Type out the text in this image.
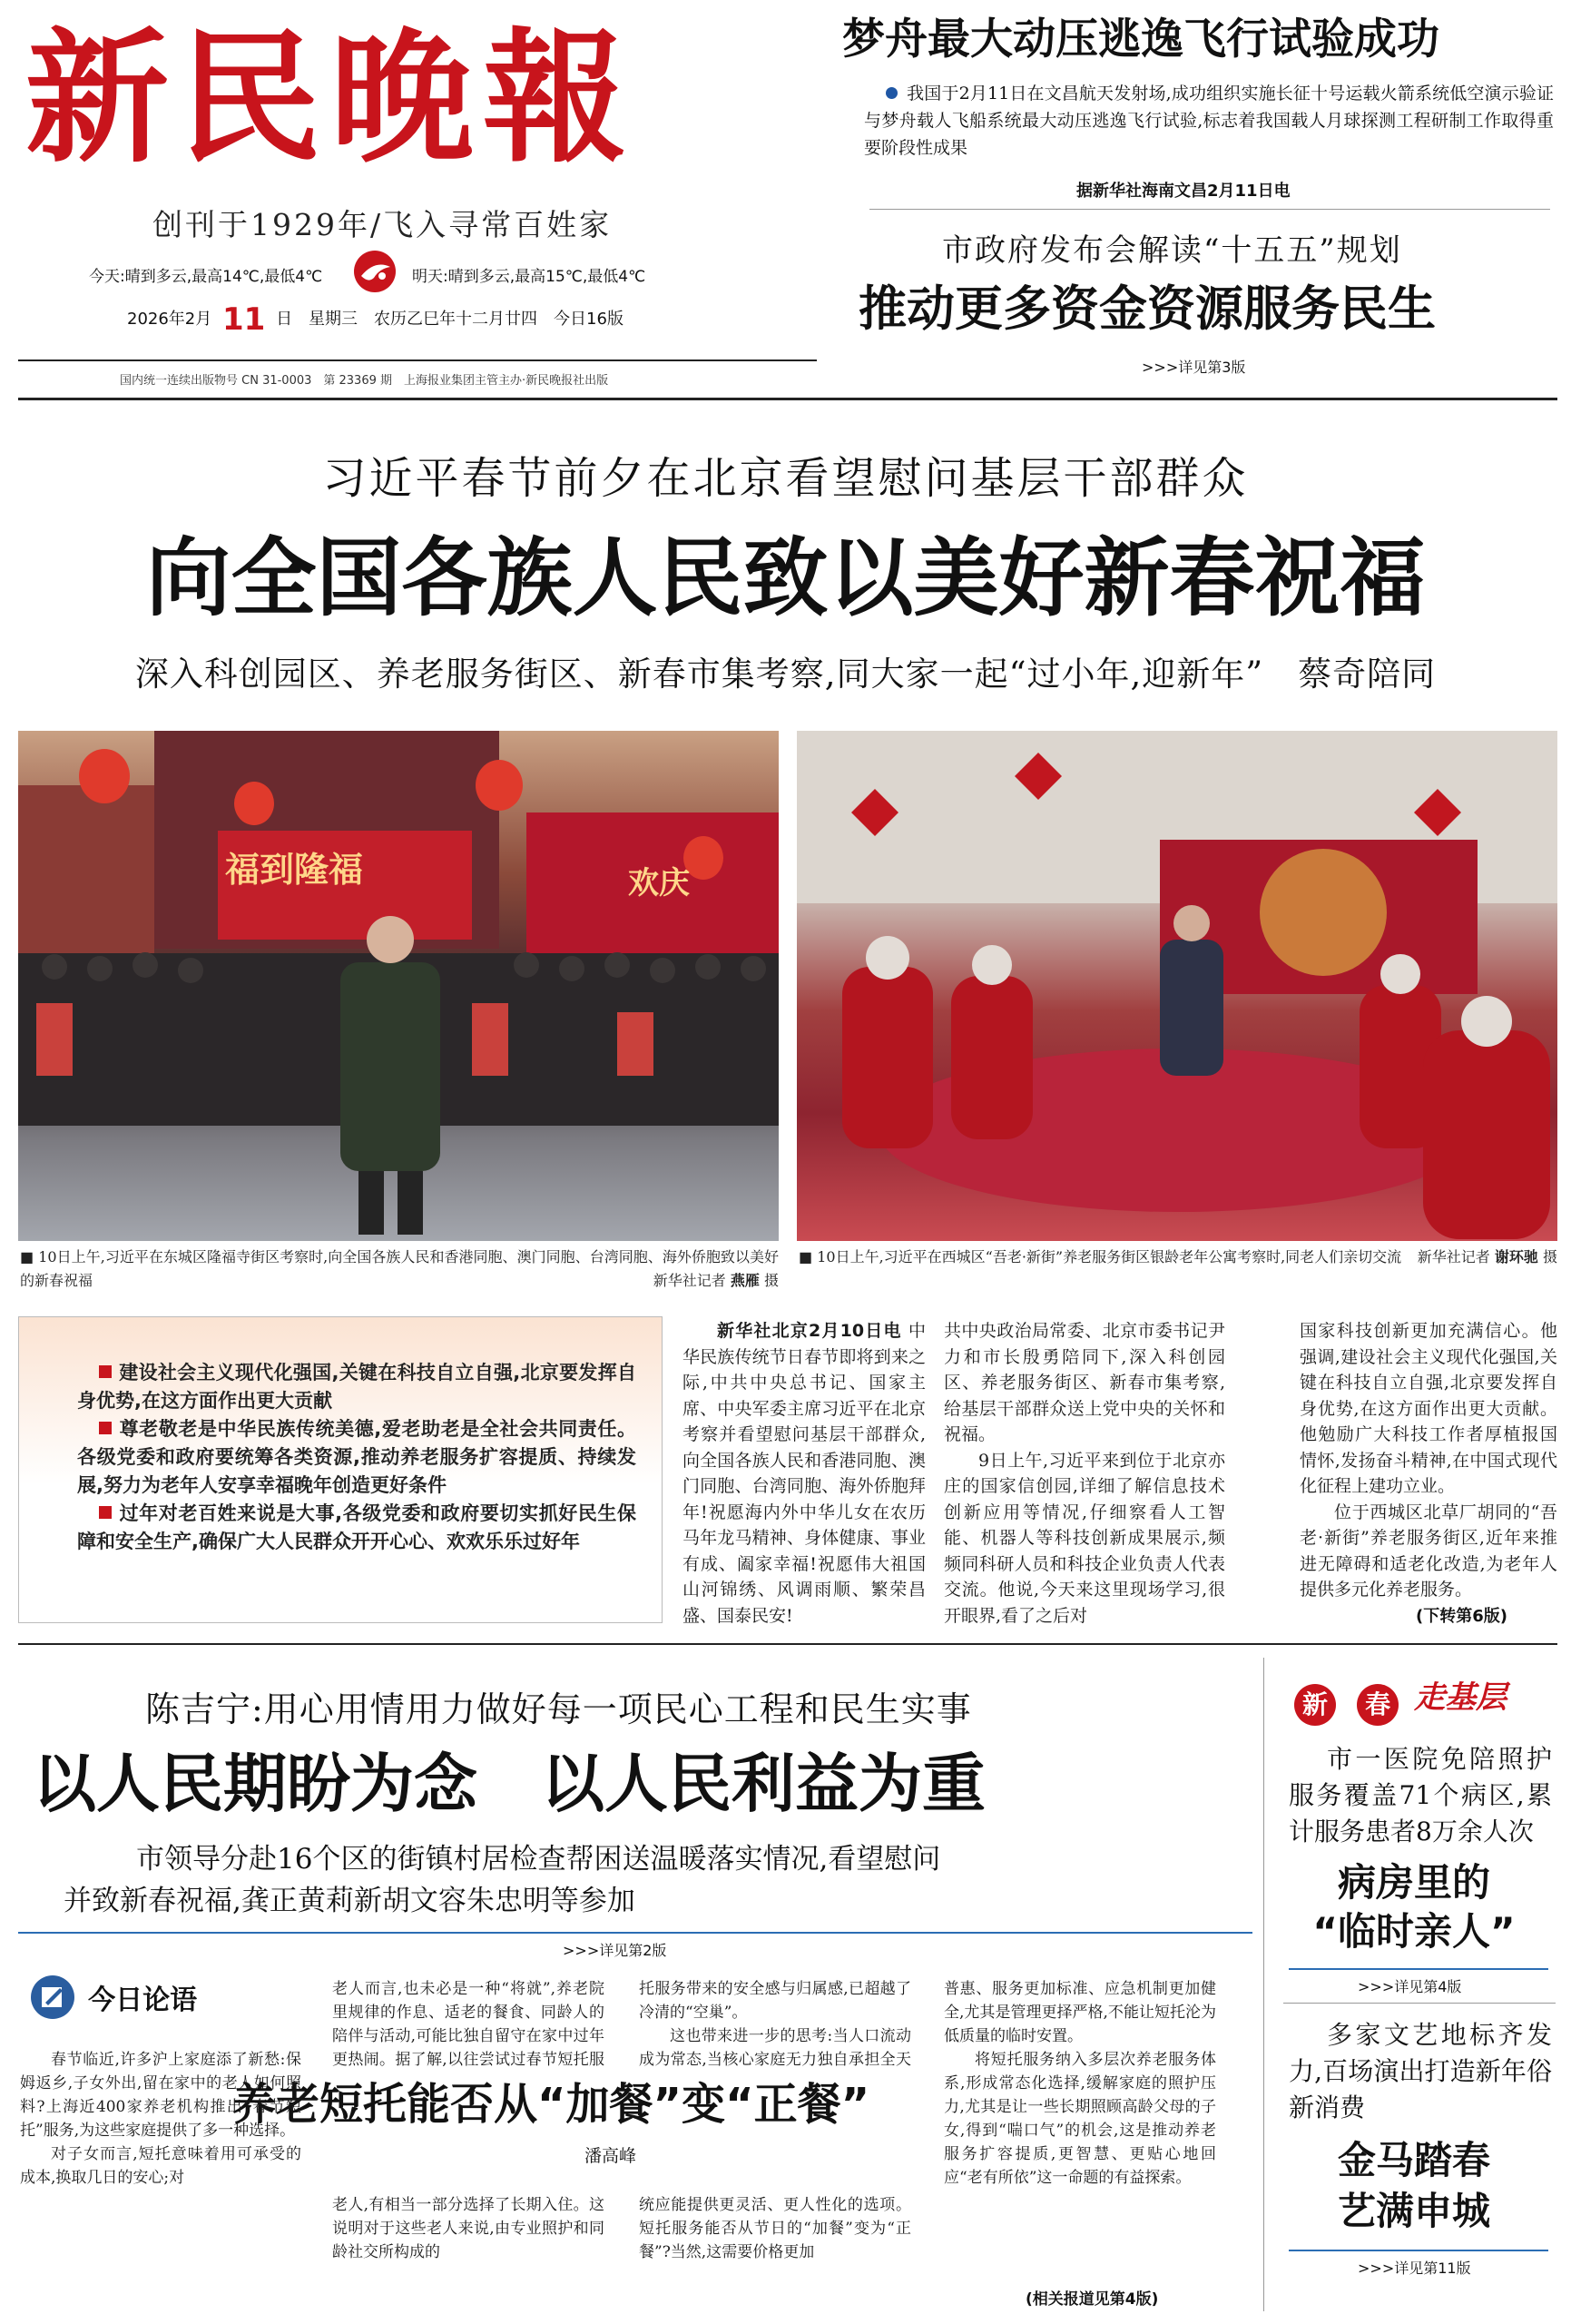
新民晚報
创刊于1929年/飞入寻常百姓家
今天:晴到多云,最高14℃,最低4℃	明天:晴到多云,最高15℃,最低4℃
2026年2月 11 日　星期三　农历乙巳年十二月廿四　今日16版
国内统一连续出版物号 CN 31-0003　第 23369 期　上海报业集团主管主办·新民晚报社出版
梦舟最大动压逃逸飞行试验成功
我国于2月11日在文昌航天发射场,成功组织实施长征十号运载火箭系统低空演示验证与梦舟载人飞船系统最大动压逃逸飞行试验,标志着我国载人月球探测工程研制工作取得重要阶段性成果
据新华社海南文昌2月11日电
市政府发布会解读“十五五”规划
推动更多资金资源服务民生
>>>详见第3版
习近平春节前夕在北京看望慰问基层干部群众
向全国各族人民致以美好新春祝福
深入科创园区、养老服务街区、新春市集考察,同大家一起“过小年,迎新年”　蔡奇陪同
福到隆福	欢庆
■ 10日上午,习近平在东城区隆福寺街区考察时,向全国各族人民和香港同胞、澳门同胞、台湾同胞、海外侨胞致以美好的新春祝福	新华社记者 燕雁 摄
■ 10日上午,习近平在西城区“吾老·新街”养老服务街区银龄老年公寓考察时,同老人们亲切交流 新华社记者 谢环驰 摄
建设社会主义现代化强国,关键在科技自立自强,北京要发挥自身优势,在这方面作出更大贡献
尊老敬老是中华民族传统美德,爱老助老是全社会共同责任。各级党委和政府要统筹各类资源,推动养老服务扩容提质、持续发展,努力为老年人安享幸福晚年创造更好条件
过年对老百姓来说是大事,各级党委和政府要切实抓好民生保障和安全生产,确保广大人民群众开开心心、欢欢乐乐过好年

新华社北京2月10日电 中华民族传统节日春节即将到来之际,中共中央总书记、国家主席、中央军委主席习近平在北京考察并看望慰问基层干部群众,向全国各族人民和香港同胞、澳门同胞、台湾同胞、海外侨胞拜年!祝愿海内外中华儿女在农历马年龙马精神、身体健康、事业有成、阖家幸福!祝愿伟大祖国山河锦绣、风调雨顺、繁荣昌盛、国泰民安!

共中央政治局常委、北京市委书记尹力和市长殷勇陪同下,深入科创园区、养老服务街区、新春市集考察,给基层干部群众送上党中央的关怀和祝福。

9日上午,习近平来到位于北京亦庄的国家信创园,详细了解信息技术创新应用等情况,仔细察看人工智能、机器人等科技创新成果展示,频频同科研人员和科技企业负责人代表交流。他说,今天来这里现场学习,很开眼界,看了之后对

国家科技创新更加充满信心。他强调,建设社会主义现代化强国,关键在科技自立自强,北京要发挥自身优势,在这方面作出更大贡献。他勉励广大科技工作者厚植报国情怀,发扬奋斗精神,在中国式现代化征程上建功立业。

位于西城区北草厂胡同的“吾老·新街”养老服务街区,近年来推进无障碍和适老化改造,为老年人提供多元化养老服务。

(下转第6版)
陈吉宁:用心用情用力做好每一项民心工程和民生实事
以人民期盼为念　以人民利益为重
市领导分赴16个区的街镇村居检查帮困送温暖落实情况,看望慰问
并致新春祝福,龚正黄莉新胡文容朱忠明等参加
>>>详见第2版
新 春 走基层
市一医院免陪照护服务覆盖71个病区,累计服务患者8万余人次
病房里的
“临时亲人”
>>>详见第4版
多家文艺地标齐发力,百场演出打造新年俗新消费
金马踏春
艺满申城
>>>详见第11版
今日论语
养老短托能否从“加餐”变“正餐”
潘高峰

春节临近,许多沪上家庭添了新愁:保姆返乡,子女外出,留在家中的老人如何照料?上海近400家养老机构推出“春节短托”服务,为这些家庭提供了多一种选择。

对子女而言,短托意味着用可承受的成本,换取几日的安心;对

老人而言,也未必是一种“将就”,养老院里规律的作息、适老的餐食、同龄人的陪伴与活动,可能比独自留守在家中过年更热闹。据了解,以往尝试过春节短托服

老人,有相当一部分选择了长期入住。这说明对于这些老人来说,由专业照护和同龄社交所构成的

托服务带来的安全感与归属感,已超越了冷清的“空巢”。

这也带来进一步的思考:当人口流动成为常态,当核心家庭无力独自承担全天

统应能提供更灵活、更人性化的选项。短托服务能否从节日的“加餐”变为“正餐”?当然,这需要价格更加

普惠、服务更加标准、应急机制更加健全,尤其是管理更择严格,不能让短托沦为低质量的临时安置。

将短托服务纳入多层次养老服务体系,形成常态化选择,缓解家庭的照护压力,尤其是让一些长期照顾高龄父母的子女,得到“喘口气”的机会,这是推动养老服务扩容提质,更智慧、更贴心地回应“老有所依”这一命题的有益探索。

(相关报道见第4版)
